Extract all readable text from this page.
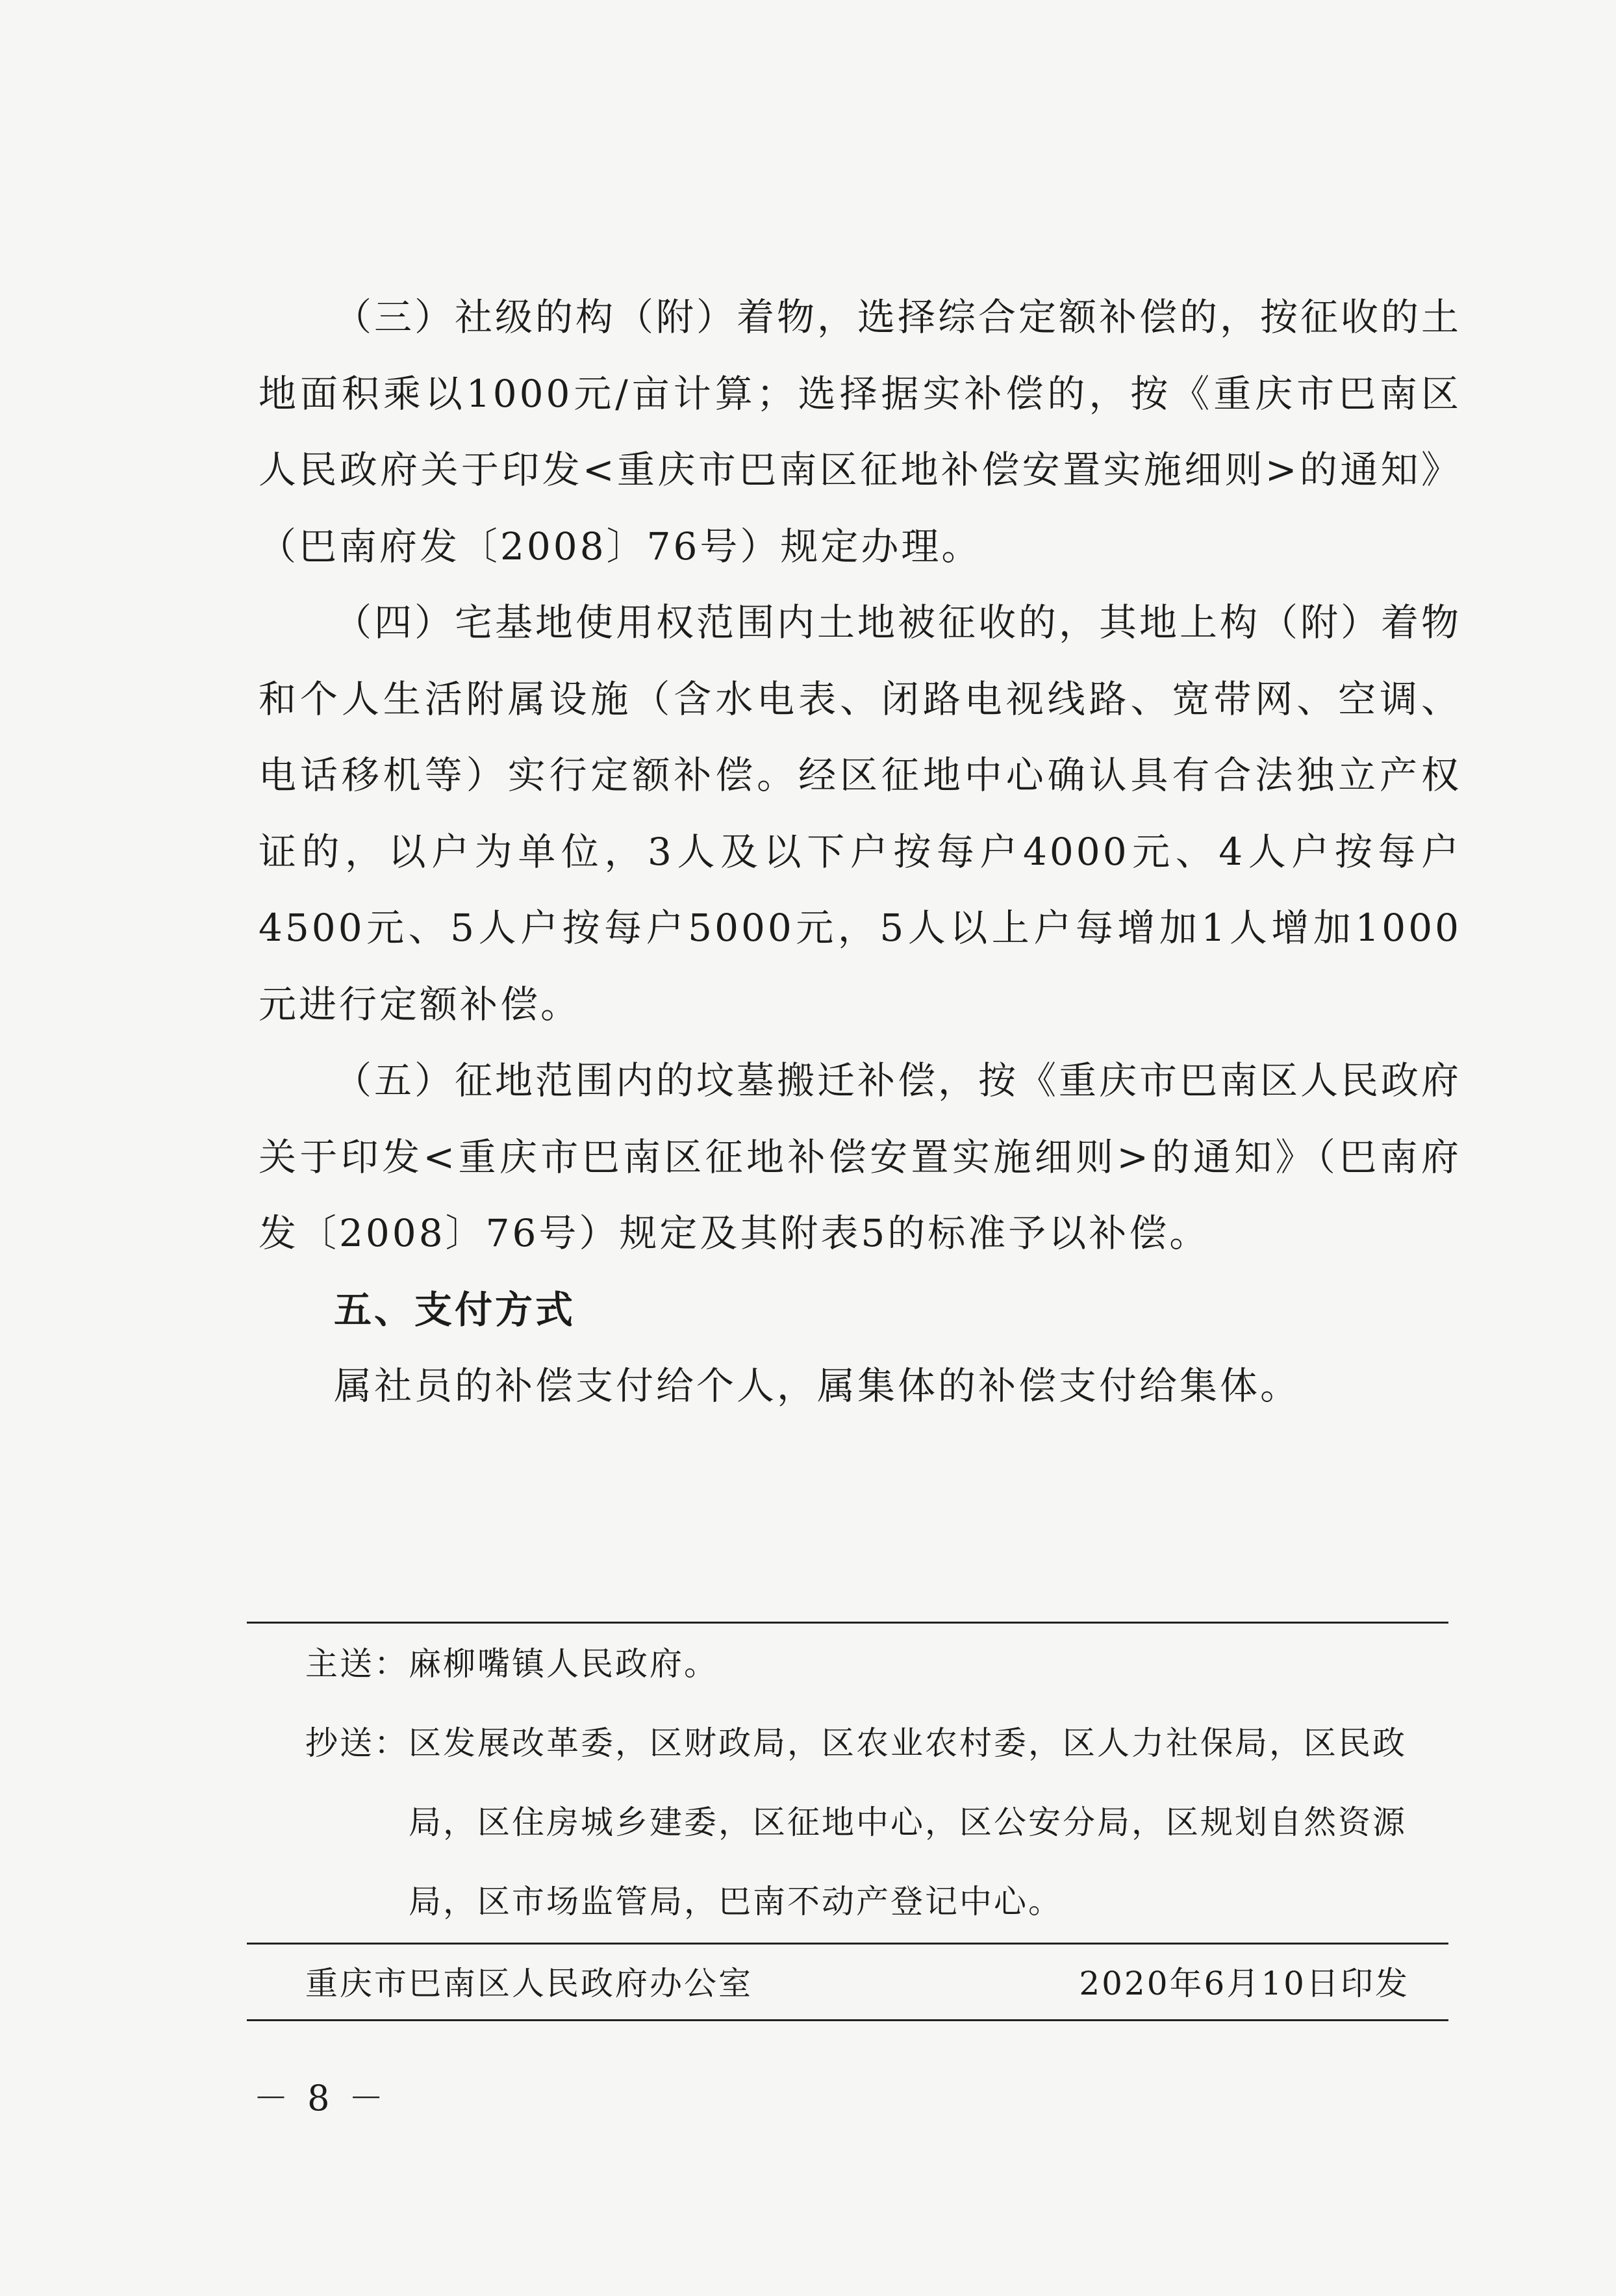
（三）社级的构（附）着物，选择综合定额补偿的，按征收的土地面积乘以1000元/亩计算；选择据实补偿的，按《重庆市巴南区人民政府关于印发<重庆市巴南区征地补偿安置实施细则>的通知》（巴南府发〔2008〕76号）规定办理。

（四）宅基地使用权范围内土地被征收的，其地上构（附）着物和个人生活附属设施（含水电表、闭路电视线路、宽带网、空调、电话移机等）实行定额补偿。经区征地中心确认具有合法独立产权证的，以户为单位，3人及以下户按每户4000元、4人户按每户4500元、5人户按每户5000元，5人以上户每增加1人增加1000元进行定额补偿。

（五）征地范围内的坟墓搬迁补偿，按《重庆市巴南区人民政府关于印发<重庆市巴南区征地补偿安置实施细则>的通知》（巴南府发〔2008〕76号）规定及其附表5的标准予以补偿。

五、支付方式

属社员的补偿支付给个人，属集体的补偿支付给集体。

主送： 麻柳嘴镇人民政府。
抄送： 区发展改革委，区财政局，区农业农村委，区人力社保局，区民政局，区住房城乡建委，区征地中心，区公安分局，区规划自然资源局，区市场监管局，巴南不动产登记中心。
重庆市巴南区人民政府办公室	2020年6月10日印发
－ 8 －
